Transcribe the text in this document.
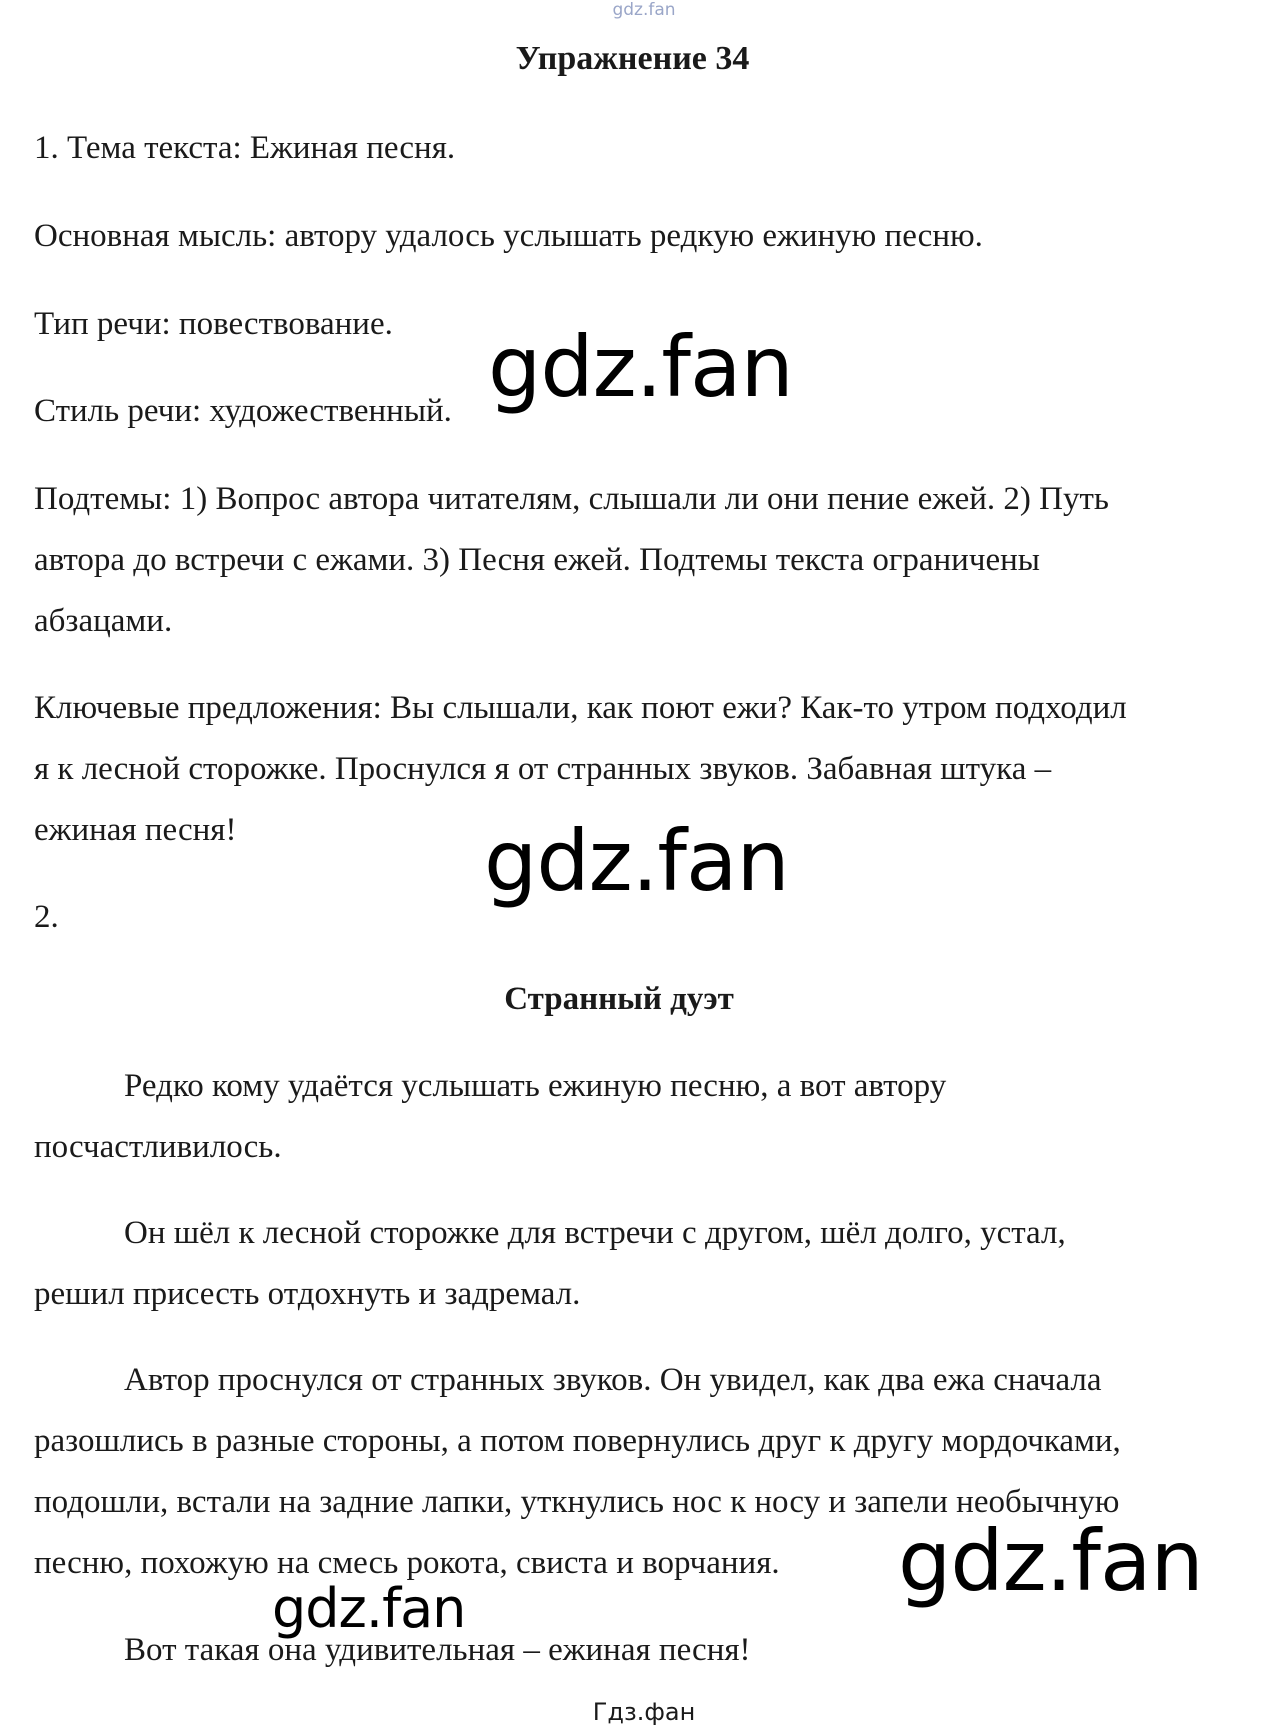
gdz.fan
Упражнение 34
1. Тема текста: Ежиная песня.
Основная мысль: автору удалось услышать редкую ежиную песню.
Тип речи: повествование.
Стиль речи: художественный.
Подтемы: 1) Вопрос автора читателям, слышали ли они пение ежей. 2) Путь
автора до встречи с ежами. 3) Песня ежей. Подтемы текста ограничены
абзацами.
Ключевые предложения: Вы слышали, как поют ежи? Как-то утром подходил
я к лесной сторожке. Проснулся я от странных звуков. Забавная штука –
ежиная песня!
2.
Странный дуэт
Редко кому удаётся услышать ежиную песню, а вот автору
посчастливилось.
Он шёл к лесной сторожке для встречи с другом, шёл долго, устал,
решил присесть отдохнуть и задремал.
Автор проснулся от странных звуков. Он увидел, как два ежа сначала
разошлись в разные стороны, а потом повернулись друг к другу мордочками,
подошли, встали на задние лапки, уткнулись нос к носу и запели необычную
песню, похожую на смесь рокота, свиста и ворчания.
Вот такая она удивительная – ежиная песня!
gdz.fan
gdz.fan
gdz.fan
gdz.fan
Гдз.фан
